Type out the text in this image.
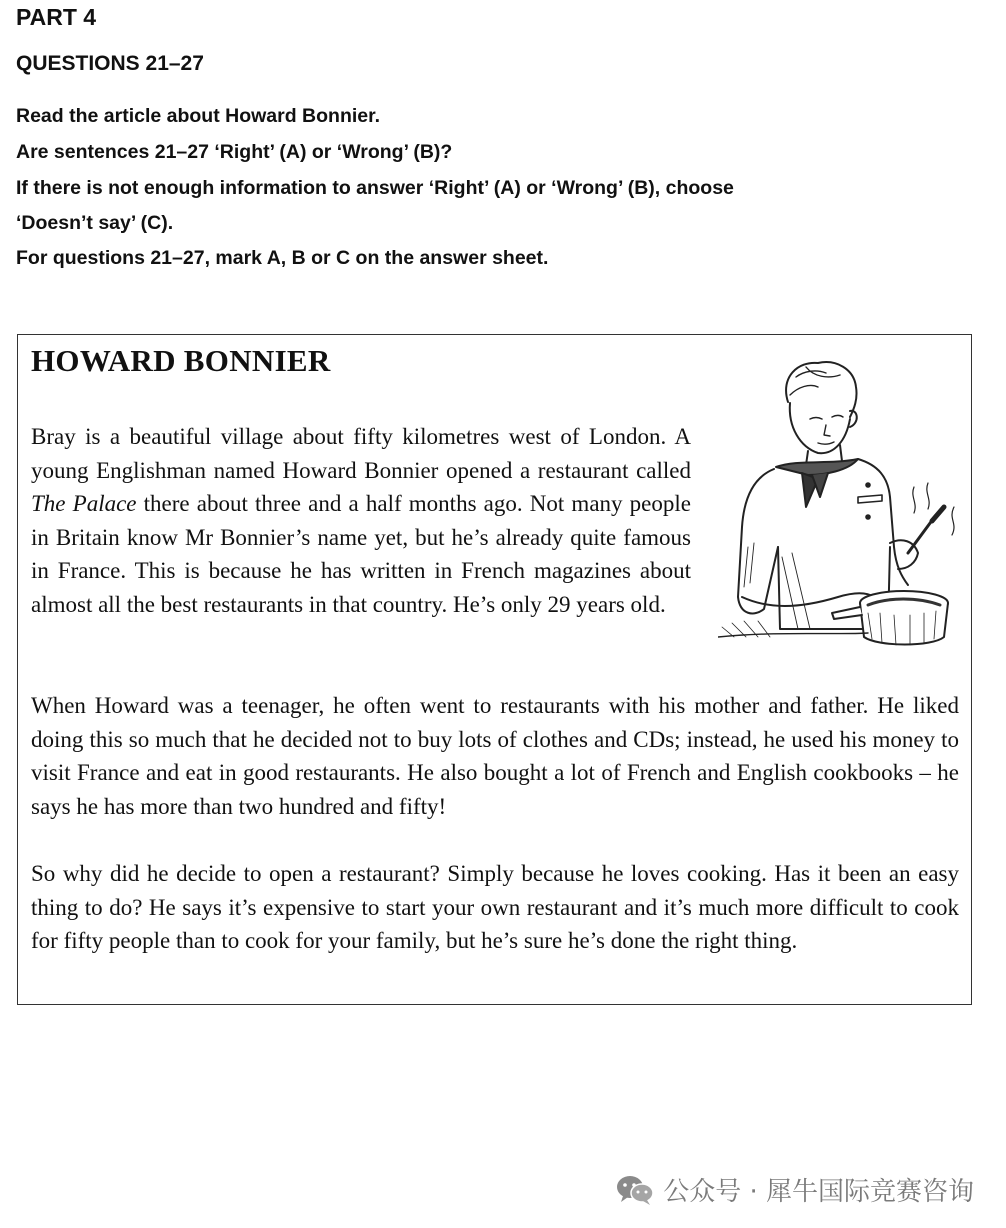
PART 4
QUESTIONS 21–27
Read the article about Howard Bonnier.
Are sentences 21–27 ‘Right’ (A) or ‘Wrong’ (B)?
If there is not enough information to answer ‘Right’ (A) or ‘Wrong’ (B), choose
‘Doesn’t say’ (C).
For questions 21–27, mark A, B or C on the answer sheet.
HOWARD BONNIER

Bray is a beautiful village about fifty kilometres west of London. A young Englishman named Howard Bonnier opened a restaurant called The Palace there about three and a half months ago. Not many people in Britain know Mr Bonnier’s name yet, but he’s already quite famous in France. This is because he has written in French magazines about almost all the best restaurants in that country. He’s only 29 years old.

When Howard was a teenager, he often went to restaurants with his mother and father. He liked doing this so much that he decided not to buy lots of clothes and CDs; instead, he used his money to visit France and eat in good restaurants. He also bought a lot of French and English cookbooks – he says he has more than two hundred and fifty!

So why did he decide to open a restaurant? Simply because he loves cooking. Has it been an easy thing to do? He says it’s expensive to start your own restaurant and it’s much more difficult to cook for fifty people than to cook for your family, but he’s sure he’s done the right thing.

公众号 · 犀牛国际竞赛咨询
